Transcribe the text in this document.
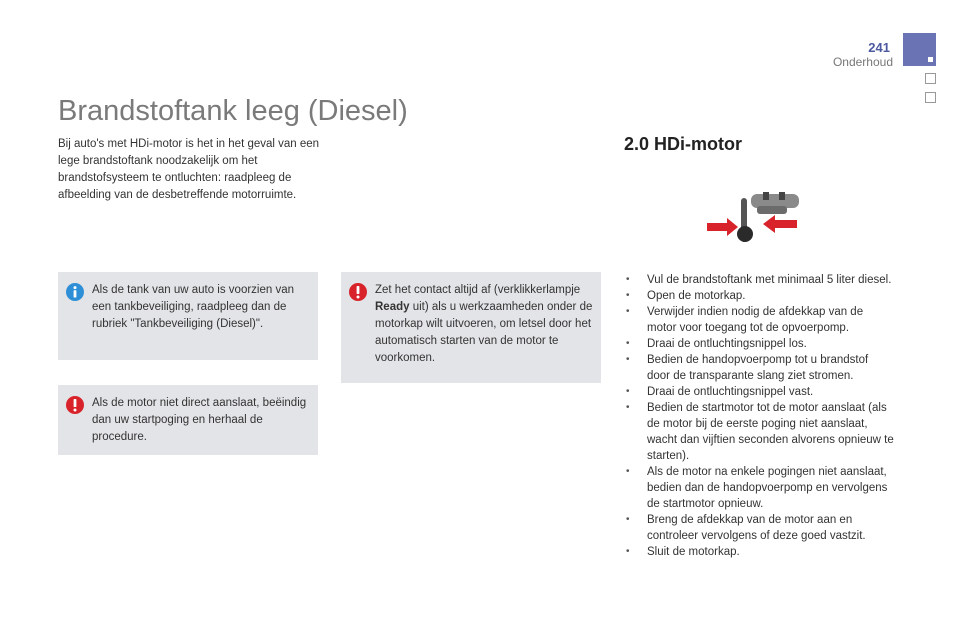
241
Onderhoud
Brandstoftank leeg (Diesel)

Bij auto's met HDi-motor is het in het geval van een lege brandstoftank noodzakelijk om het brandstofsysteem te ontluchten: raadpleeg de afbeelding van de desbetreffende motorruimte.

Als de tank van uw auto is voorzien van een tankbeveiliging, raadpleeg dan de rubriek "Tankbeveiliging (Diesel)".

Als de motor niet direct aanslaat, beëindig dan uw startpoging en herhaal de procedure.

Zet het contact altijd af (verklikkerlampje Ready uit) als u werkzaamheden onder de motorkap wilt uitvoeren, om letsel door het automatisch starten van de motor te voorkomen.

2.0 HDi-motor
• Vul de brandstoftank met minimaal 5 liter diesel.
• Open de motorkap.
• Verwijder indien nodig de afdekkap van de motor voor toegang tot de opvoerpomp.
• Draai de ontluchtingsnippel los.
• Bedien de handopvoerpomp tot u brandstof door de transparante slang ziet stromen.
• Draai de ontluchtingsnippel vast.
• Bedien de startmotor tot de motor aanslaat (als de motor bij de eerste poging niet aanslaat, wacht dan vijftien seconden alvorens opnieuw te starten).
• Als de motor na enkele pogingen niet aanslaat, bedien dan de handopvoerpomp en vervolgens de startmotor opnieuw.
• Breng de afdekkap van de motor aan en controleer vervolgens of deze goed vastzit.
• Sluit de motorkap.
